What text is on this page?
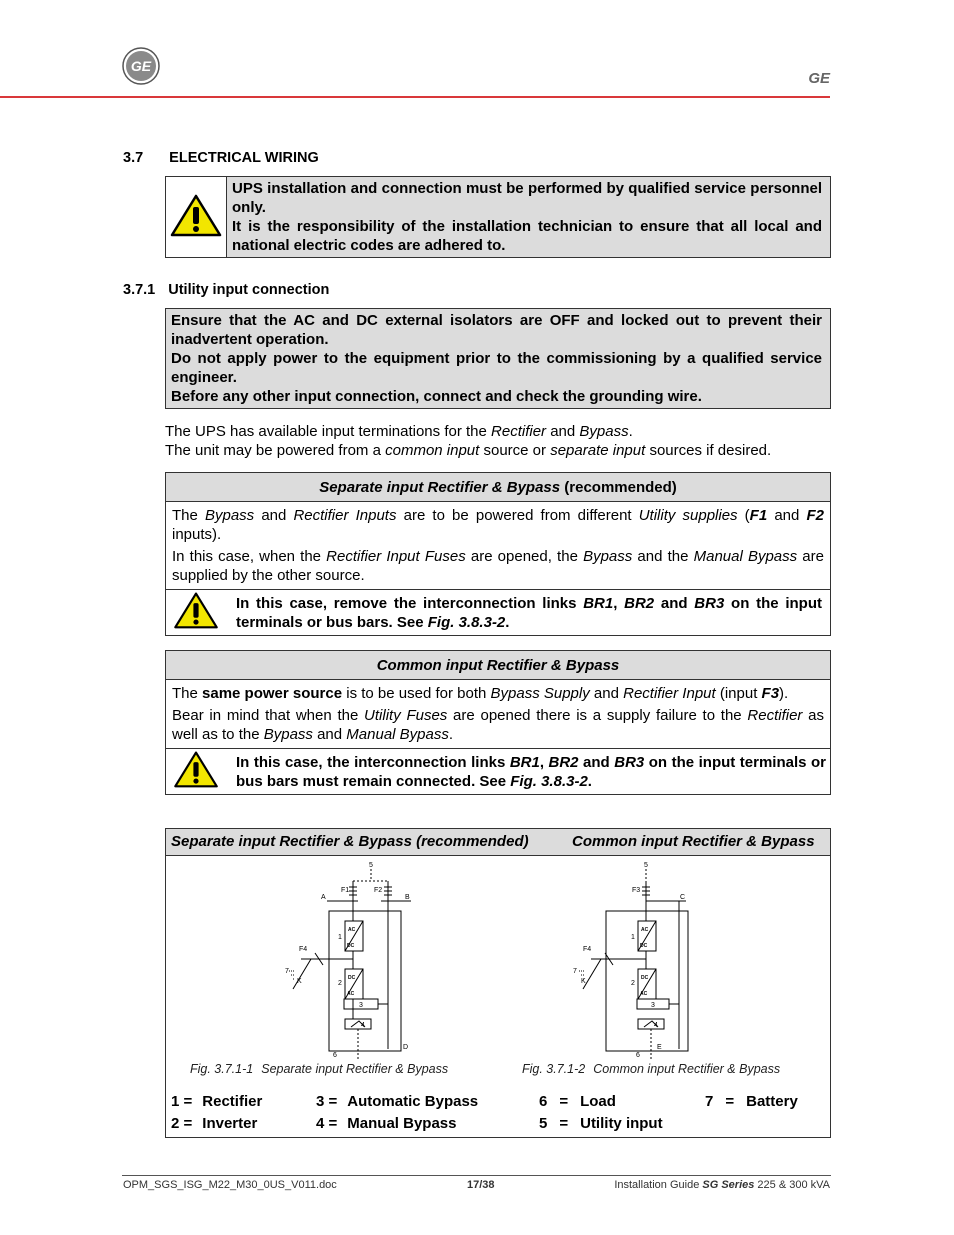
GE
GE
3.7 ELECTRICAL WIRING

UPS installation and connection must be performed by qualified service personnel only.
It is the responsibility of the installation technician to ensure that all local and national electric codes are adhered to.
3.7.1 Utility input connection
Ensure that the AC and DC external isolators are OFF and locked out to prevent their inadvertent operation.
Do not apply power to the equipment prior to the commissioning by a qualified service engineer.
Before any other input connection, connect and check the grounding wire.
The UPS has available input terminations for the Rectifier and Bypass.
The unit may be powered from a common input source or separate input sources if desired.
Separate input Rectifier & Bypass (recommended)

The Bypass and Rectifier Inputs are to be powered from different Utility supplies (F1 and F2 inputs).

In this case, when the Rectifier Input Fuses are opened, the Bypass and the Manual Bypass are supplied by the other source.

	In this case, remove the interconnection links BR1, BR2 and BR3 on the input terminals or bus bars. See Fig. 3.8.3-2.
Common input Rectifier & Bypass

The same power source is to be used for both Bypass Supply and Rectifier Input (input F3).

Bear in mind that when the Utility Fuses are opened there is a supply failure to the Rectifier as well as to the Bypass and Manual Bypass.

	In this case, the interconnection links BR1, BR2 and BR3 on the input terminals or bus bars must remain connected. See Fig. 3.8.3-2.
Separate input Rectifier & Bypass (recommended)	Common input Rectifier & Bypass
5
F1	F2
A	B
1
2
3
4
F4
K
7
D
6
AC
DC
DC
AC
5
F3
C
1
2
3
4
F4
K
7
E
6
AC
DC
DC
AC
Fig. 3.7.1-1 Separate input Rectifier & Bypass	Fig. 3.7.1-2 Common input Rectifier & Bypass
1 = Rectifier	3 = Automatic Bypass	6 = Load	7 = Battery
2 = Inverter	4 = Manual Bypass	5 = Utility input
OPM_SGS_ISG_M22_M30_0US_V011.doc	17/38	Installation Guide SG Series 225 & 300 kVA
